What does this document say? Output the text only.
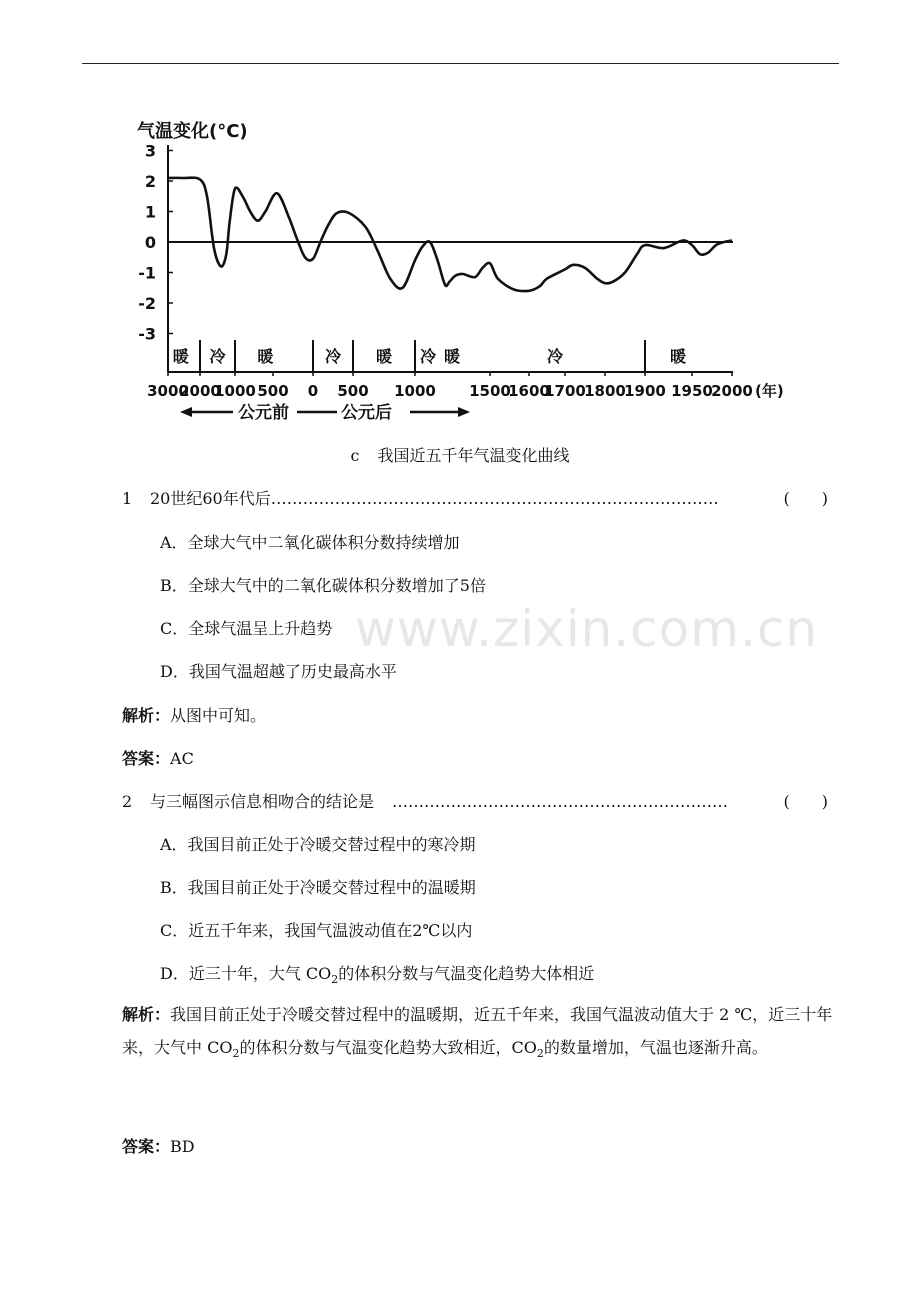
气温变化(°C)
3
2
1
0
-1
-2
-3
暖 冷 暖	冷 暖 冷 暖	冷	暖
3000
2000
1000 500 0 500 1000 1500
1600
1700
1800
1900 1950
2000 (年)
公元前	公元后
c 我国近五千年气温变化曲线
1 20世纪60年代后…………………………………………………………………………	(　　)
A．全球大气中二氧化碳体积分数持续增加
B．全球大气中的二氧化碳体积分数增加了5倍
C．全球气温呈上升趋势
D．我国气温超越了历史最高水平
解析：从图中可知。
答案：AC
2 与三幅图示信息相吻合的结论是 ………………………………………………………	(　　)
A．我国目前正处于冷暖交替过程中的寒冷期
B．我国目前正处于冷暖交替过程中的温暖期
C．近五千年来，我国气温波动值在2℃以内
D．近三十年，大气 $CO_2$的体积分数与气温变化趋势大体相近
解析：我国目前正处于冷暖交替过程中的温暖期，近五千年来，我国气温波动值大于 2 ℃，近三十年来，大气中 $CO_2$的体积分数与气温变化趋势大致相近，$CO_2$的数量增加，气温也逐渐升高。
答案：BD
www.zixin.com.cn
